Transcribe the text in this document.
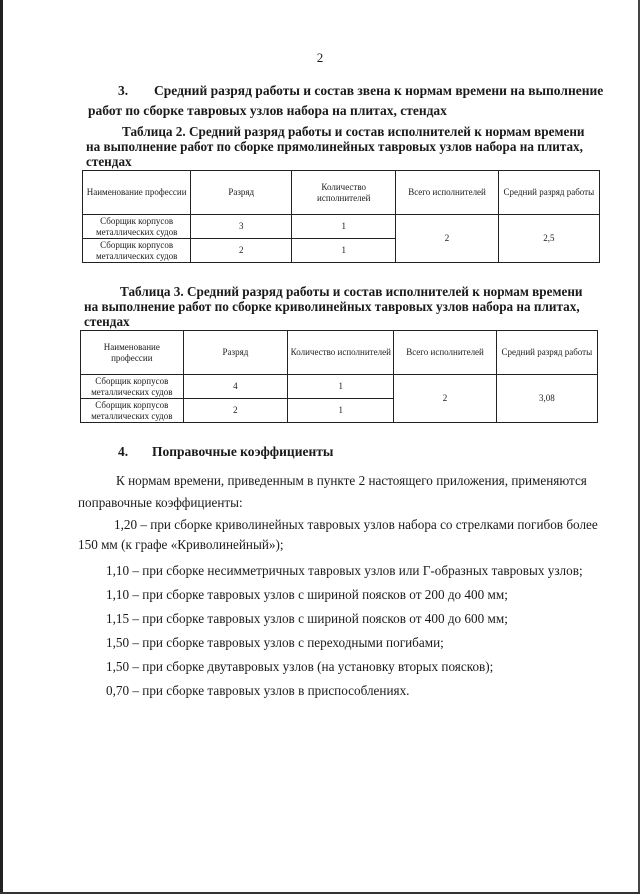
2
3. Средний разряд работы и состав звена к нормам времени на выполнение
работ по сборке тавровых узлов набора на плитах, стендах
Таблица 2. Средний разряд работы и состав исполнителей к нормам времени
на выполнение работ по сборке прямолинейных тавровых узлов набора на плитах,
стендах
Наименование профессии	Разряд	Количество исполнителей	Всего исполнителей	Средний разряд работы
Сборщик корпусов металлических судов	3	1	2	2,5
Сборщик корпусов металлических судов	2	1		
Таблица 3. Средний разряд работы и состав исполнителей к нормам времени
на выполнение работ по сборке криволинейных тавровых узлов набора на плитах,
стендах
Наименование профессии	Разряд	Количество исполнителей	Всего исполнителей	Средний разряд работы
Сборщик корпусов металлических судов	4	1	2	3,08
Сборщик корпусов металлических судов	2	1		
4. Поправочные коэффициенты
К нормам времени, приведенным в пункте 2 настоящего приложения, применяются
поправочные коэффициенты:
1,20 – при сборке криволинейных тавровых узлов набора со стрелками погибов более
150 мм (к графе «Криволинейный»);
1,10 – при сборке несимметричных тавровых узлов или Г-образных тавровых узлов;
1,10 – при сборке тавровых узлов с шириной поясков от 200 до 400 мм;
1,15 – при сборке тавровых узлов с шириной поясков от 400 до 600 мм;
1,50 – при сборке тавровых узлов с переходными погибами;
1,50 – при сборке двутавровых узлов (на установку вторых поясков);
0,70 – при сборке тавровых узлов в приспособлениях.
